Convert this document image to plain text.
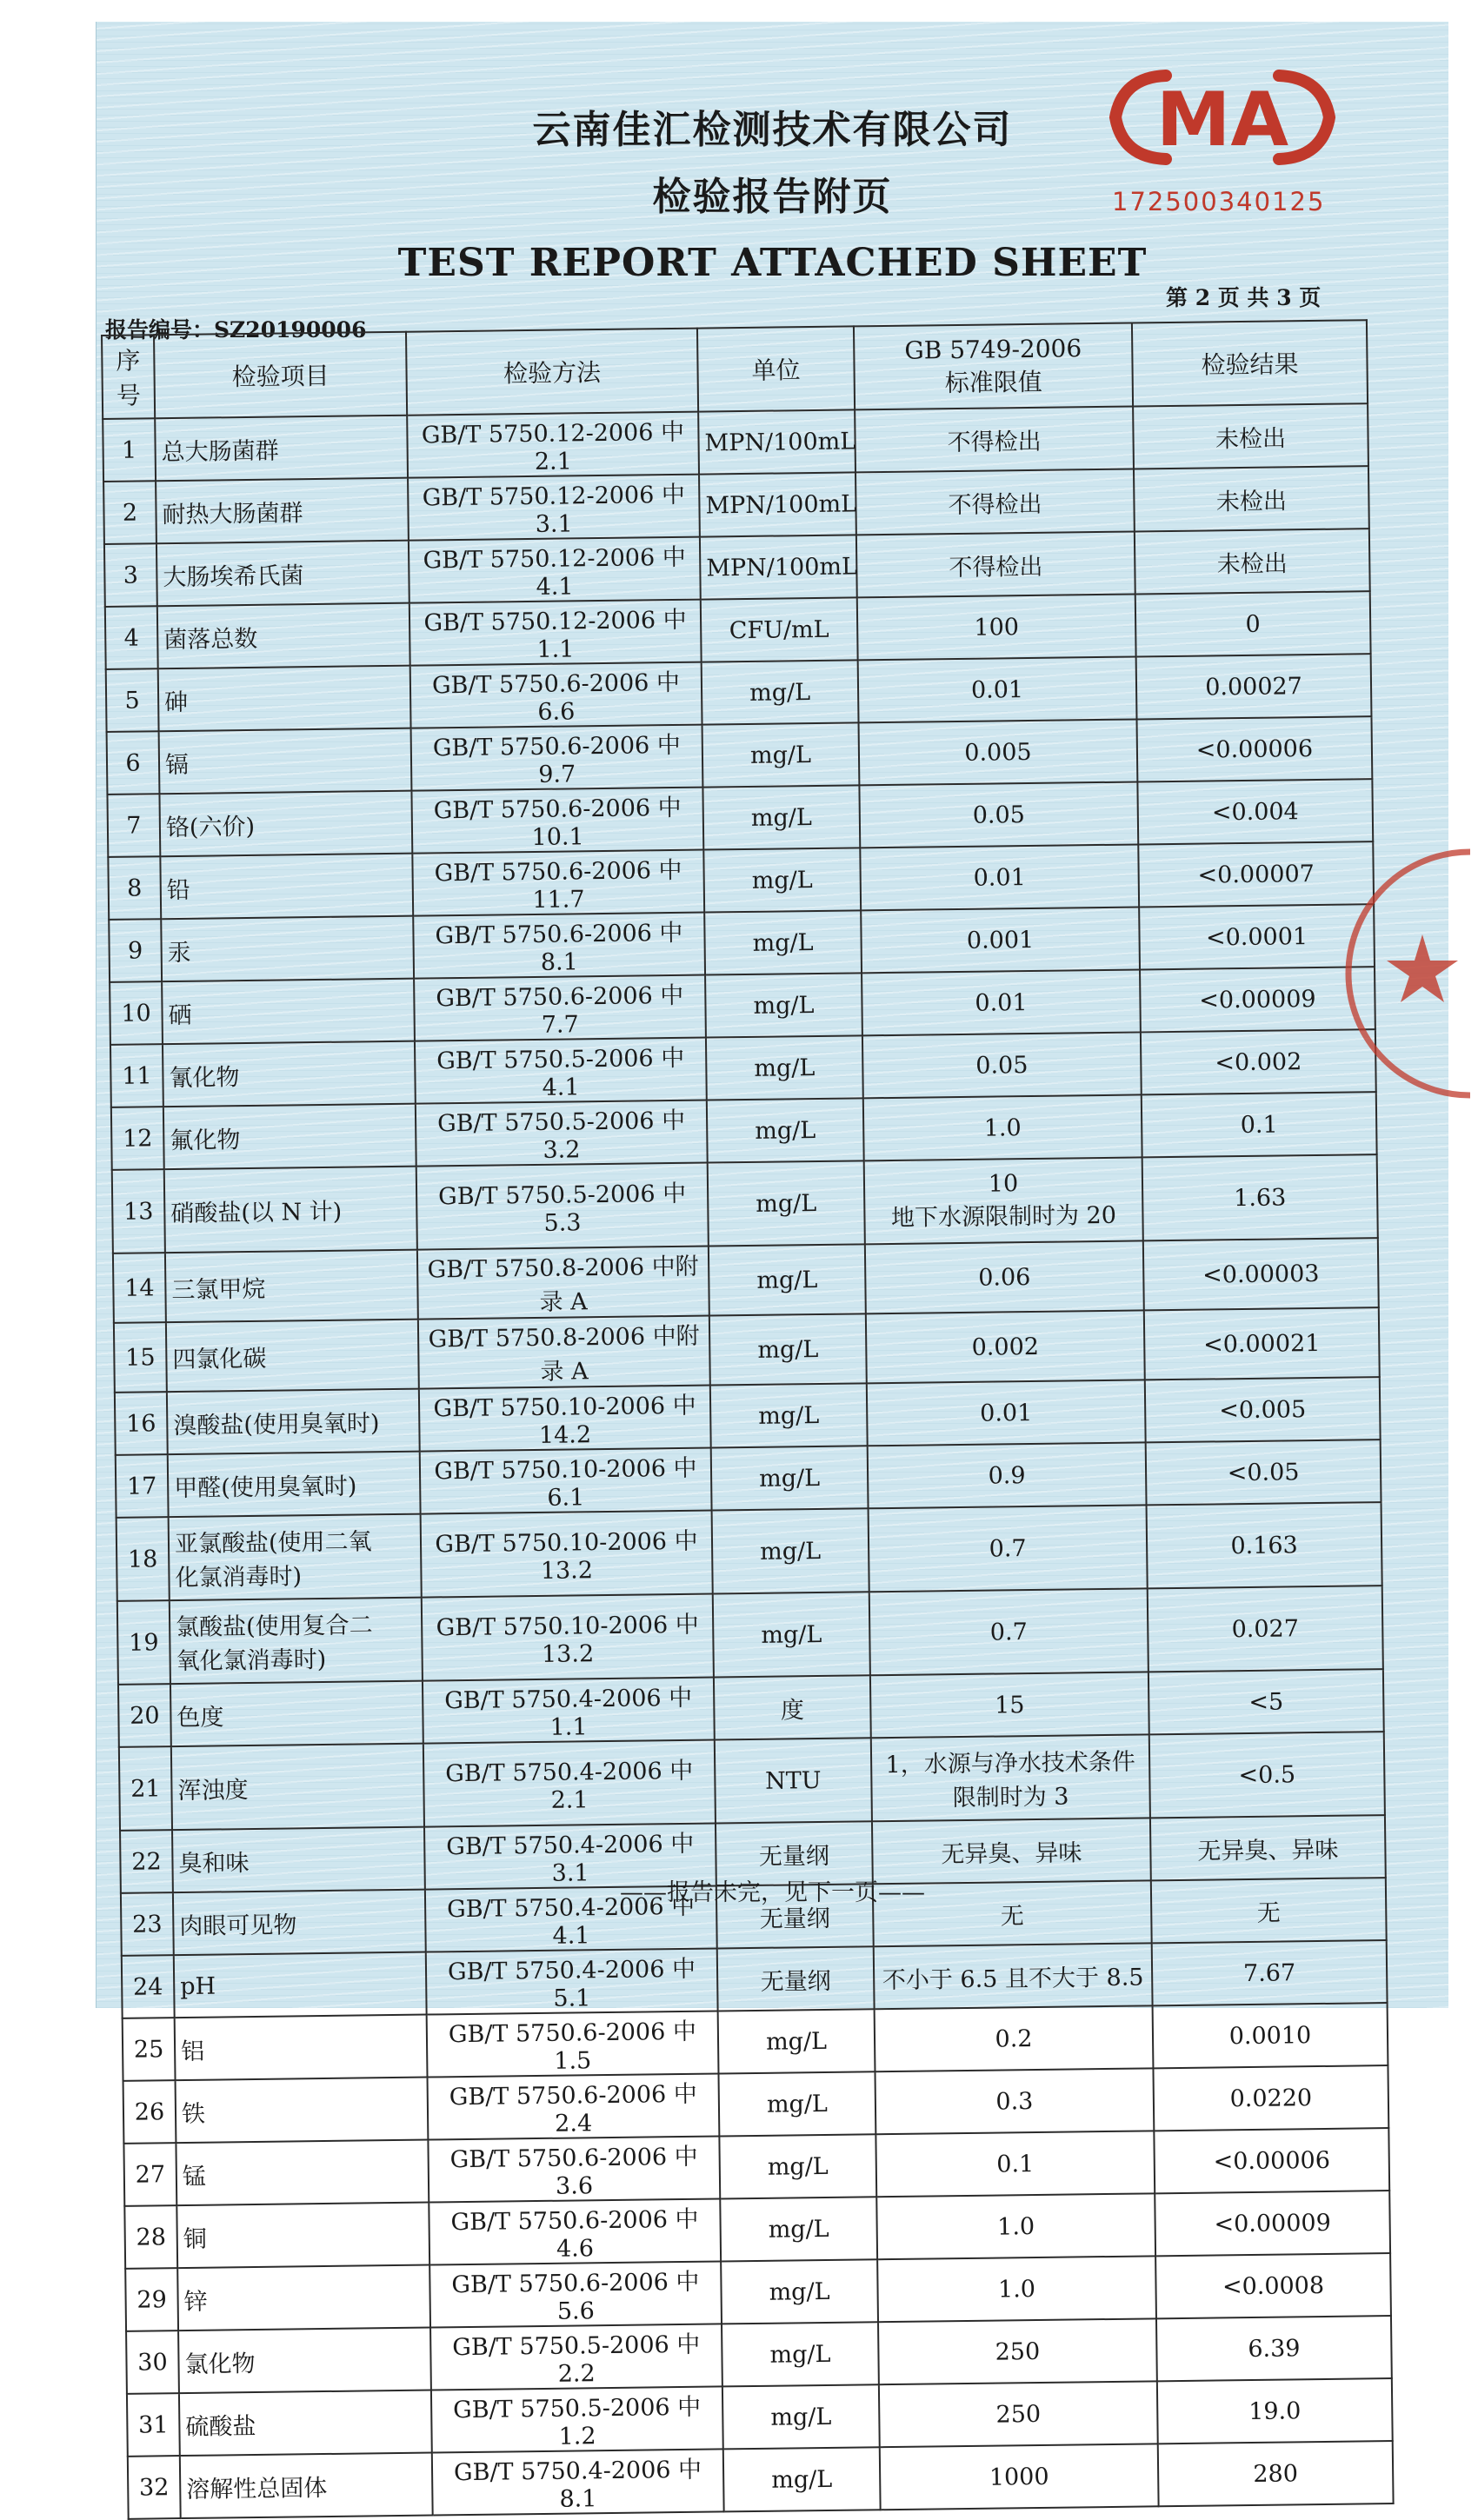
云南佳汇检测技术有限公司
检验报告附页
TEST REPORT ATTACHED SHEET
MA
172500340125
第 2 页 共 3 页
报告编号：SZ20190006
序号	检验项目	检验方法	单位	GB 5749-2006
标准限值	检验结果

1	总大肠菌群	GB/T 5750.12-2006 中 2.1	MPN/100mL	不得检出	未检出

2	耐热大肠菌群	GB/T 5750.12-2006 中 3.1	MPN/100mL	不得检出	未检出

3	大肠埃希氏菌	GB/T 5750.12-2006 中 4.1	MPN/100mL	不得检出	未检出

4	菌落总数	GB/T 5750.12-2006 中 1.1	CFU/mL	100	0

5	砷	GB/T 5750.6-2006 中 6.6	mg/L	0.01	0.00027

6	镉	GB/T 5750.6-2006 中 9.7	mg/L	0.005	<0.00006

7	铬(六价)	GB/T 5750.6-2006 中 10.1	mg/L	0.05	<0.004

8	铅	GB/T 5750.6-2006 中 11.7	mg/L	0.01	<0.00007

9	汞	GB/T 5750.6-2006 中 8.1	mg/L	0.001	<0.0001

10	硒	GB/T 5750.6-2006 中 7.7	mg/L	0.01	<0.00009

11	氰化物	GB/T 5750.5-2006 中 4.1	mg/L	0.05	<0.002

12	氟化物	GB/T 5750.5-2006 中 3.2	mg/L	1.0	0.1

13	硝酸盐(以 N 计)	GB/T 5750.5-2006 中 5.3	mg/L	10
地下水源限制时为 20	1.63

14	三氯甲烷	GB/T 5750.8-2006 中附录 A	mg/L	0.06	<0.00003

15	四氯化碳	GB/T 5750.8-2006 中附录 A	mg/L	0.002	<0.00021

16	溴酸盐(使用臭氧时)	GB/T 5750.10-2006 中 14.2	mg/L	0.01	<0.005

17	甲醛(使用臭氧时)	GB/T 5750.10-2006 中 6.1	mg/L	0.9	<0.05

18	亚氯酸盐(使用二氧
化氯消毒时)	GB/T 5750.10-2006 中 13.2	mg/L	0.7	0.163

19	氯酸盐(使用复合二
氧化氯消毒时)	GB/T 5750.10-2006 中 13.2	mg/L	0.7	0.027

20	色度	GB/T 5750.4-2006 中 1.1	度	15	<5

21	浑浊度	GB/T 5750.4-2006 中 2.1	NTU	1，水源与净水技术条件
限制时为 3	<0.5

22	臭和味	GB/T 5750.4-2006 中 3.1	无量纲	无异臭、异味	无异臭、异味

23	肉眼可见物	GB/T 5750.4-2006 中 4.1	无量纲	无	无

24	pH	GB/T 5750.4-2006 中 5.1	无量纲	不小于 6.5 且不大于 8.5	7.67

25	铝	GB/T 5750.6-2006 中 1.5	mg/L	0.2	0.0010

26	铁	GB/T 5750.6-2006 中 2.4	mg/L	0.3	0.0220

27	锰	GB/T 5750.6-2006 中 3.6	mg/L	0.1	<0.00006

28	铜	GB/T 5750.6-2006 中 4.6	mg/L	1.0	<0.00009

29	锌	GB/T 5750.6-2006 中 5.6	mg/L	1.0	<0.0008

30	氯化物	GB/T 5750.5-2006 中 2.2	mg/L	250	6.39

31	硫酸盐	GB/T 5750.5-2006 中 1.2	mg/L	250	19.0

32	溶解性总固体	GB/T 5750.4-2006 中 8.1	mg/L	1000	280
——报告未完，见下一页——
